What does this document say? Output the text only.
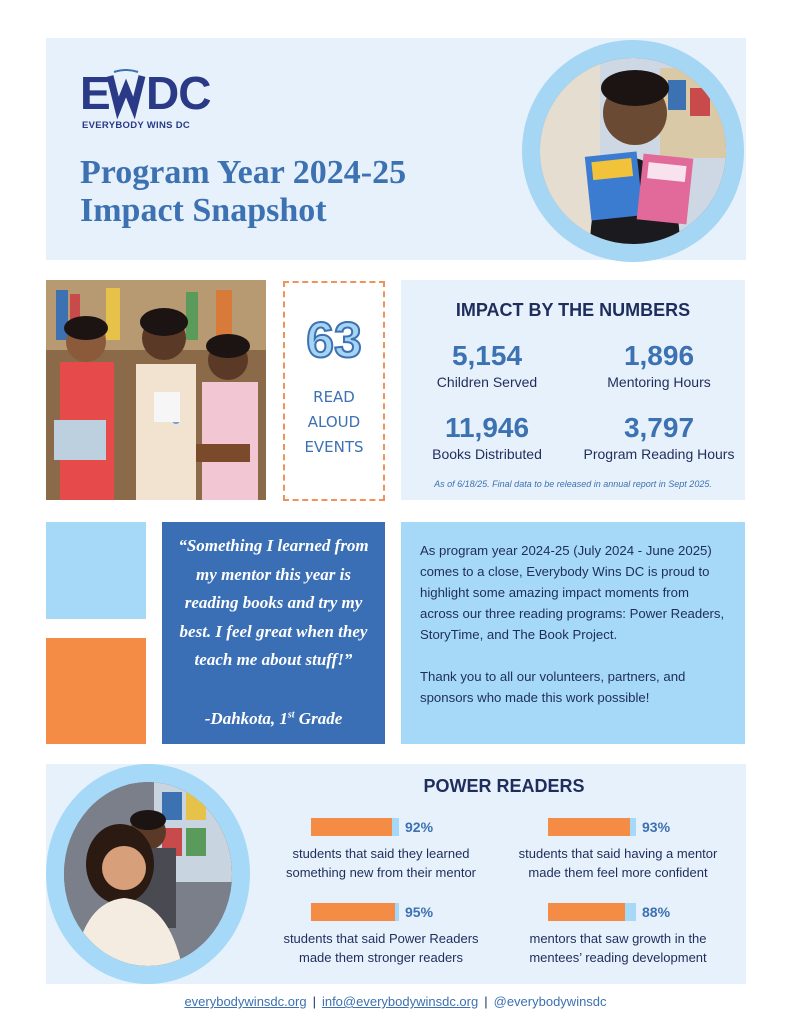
E DC
EVERYBODY WINS DC
Program Year 2024-25
Impact Snapshot
63
READ
ALOUD
EVENTS
IMPACT BY THE NUMBERS
5,154
Children Served
1,896
Mentoring Hours
11,946
Books Distributed
3,797
Program Reading Hours
As of 6/18/25. Final data to be released in annual report in Sept 2025.
“Something I learned from my mentor this year is reading books and try my best. I feel great when they teach me about stuff!”
-Dahkota, 1st Grade

As program year 2024-25 (July 2024 - June 2025) comes to a close, Everybody Wins DC is proud to highlight some amazing impact moments from across our three reading programs: Power Readers, StoryTime, and The Book Project.

Thank you to all our volunteers, partners, and sponsors who made this work possible!

POWER READERS
92%
students that said they learned
something new from their mentor
93%
students that said having a mentor
made them feel more confident
95%
students that said Power Readers
made them stronger readers
88%
mentors that saw growth in the
mentees’ reading development
everybodywinsdc.org | info@everybodywinsdc.org | @everybodywinsdc
